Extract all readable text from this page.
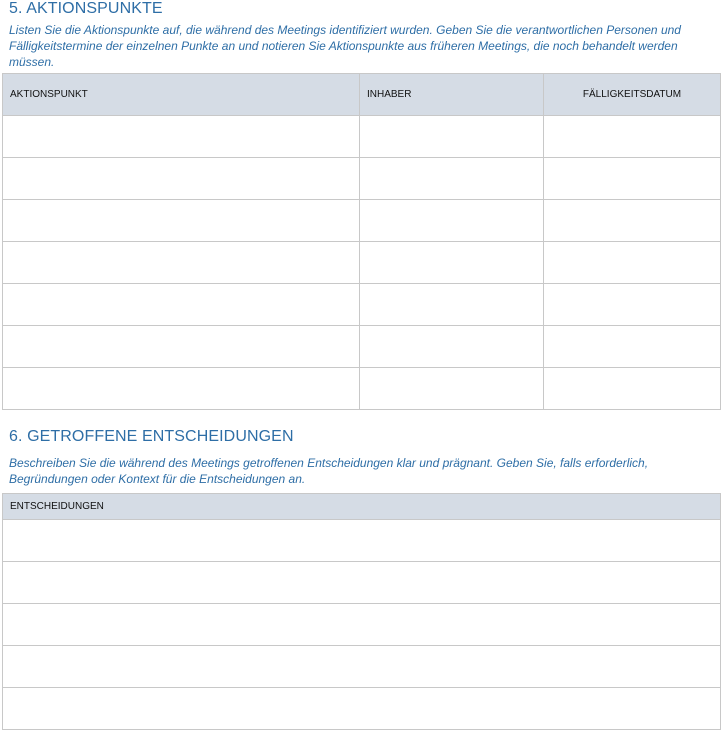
5. AKTIONSPUNKTE

Listen Sie die Aktionspunkte auf, die während des Meetings identifiziert wurden. Geben Sie die verantwortlichen Personen und Fälligkeitstermine der einzelnen Punkte an und notieren Sie Aktionspunkte aus früheren Meetings, die noch behandelt werden müssen.

AKTIONSPUNKT	INHABER	FÄLLIGKEITSDATUM

6. GETROFFENE ENTSCHEIDUNGEN

Beschreiben Sie die während des Meetings getroffenen Entscheidungen klar und prägnant. Geben Sie, falls erforderlich, Begründungen oder Kontext für die Entscheidungen an.

ENTSCHEIDUNGEN
